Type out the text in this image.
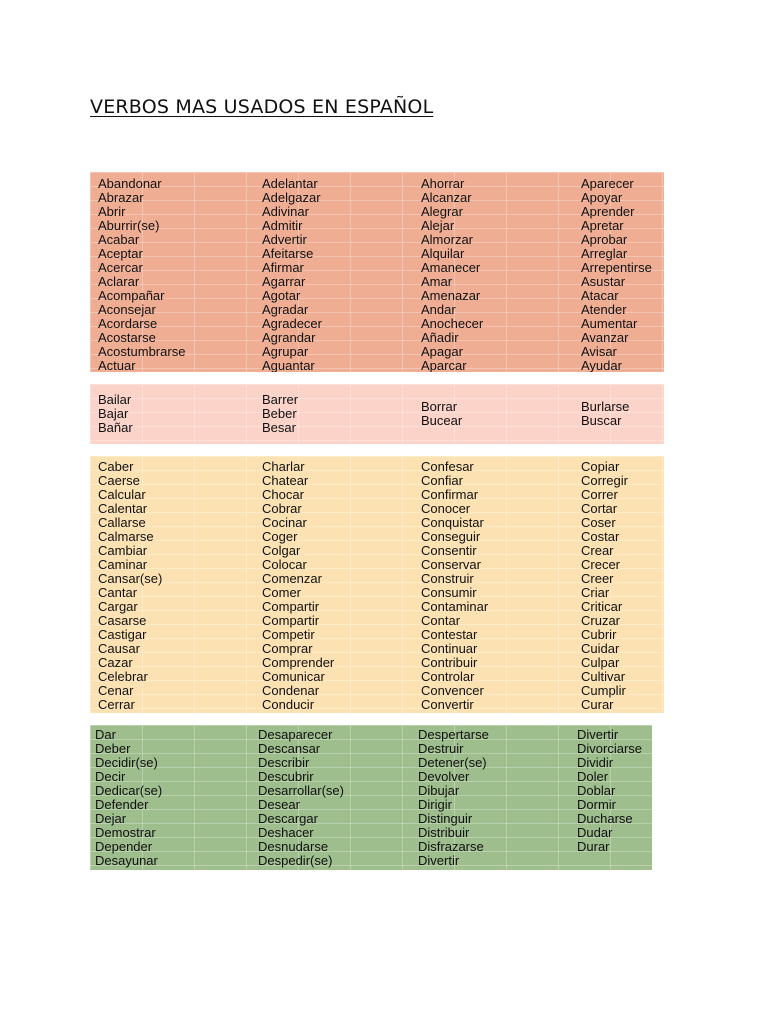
VERBOS MAS USADOS EN ESPAÑOL
Abandonar
Abrazar
Abrir
Aburrir(se)
Acabar
Aceptar
Acercar
Aclarar
Acompañar
Aconsejar
Acordarse
Acostarse
Acostumbrarse
Actuar
Adelantar
Adelgazar
Adivinar
Admitir
Advertir
Afeitarse
Afirmar
Agarrar
Agotar
Agradar
Agradecer
Agrandar
Agrupar
Aguantar
Ahorrar
Alcanzar
Alegrar
Alejar
Almorzar
Alquilar
Amanecer
Amar
Amenazar
Andar
Anochecer
Añadir
Apagar
Aparcar
Aparecer
Apoyar
Aprender
Apretar
Aprobar
Arreglar
Arrepentirse
Asustar
Atacar
Atender
Aumentar
Avanzar
Avisar
Ayudar
Bailar
Bajar
Bañar
Barrer
Beber
Besar
Borrar
Bucear
Burlarse
Buscar
Caber
Caerse
Calcular
Calentar
Callarse
Calmarse
Cambiar
Caminar
Cansar(se)
Cantar
Cargar
Casarse
Castigar
Causar
Cazar
Celebrar
Cenar
Cerrar
Charlar
Chatear
Chocar
Cobrar
Cocinar
Coger
Colgar
Colocar
Comenzar
Comer
Compartir
Compartir
Competir
Comprar
Comprender
Comunicar
Condenar
Conducir
Confesar
Confiar
Confirmar
Conocer
Conquistar
Conseguir
Consentir
Conservar
Construir
Consumir
Contaminar
Contar
Contestar
Continuar
Contribuir
Controlar
Convencer
Convertir
Copiar
Corregir
Correr
Cortar
Coser
Costar
Crear
Crecer
Creer
Criar
Criticar
Cruzar
Cubrir
Cuidar
Culpar
Cultivar
Cumplir
Curar
Dar
Deber
Decidir(se)
Decir
Dedicar(se)
Defender
Dejar
Demostrar
Depender
Desayunar
Desaparecer
Descansar
Describir
Descubrir
Desarrollar(se)
Desear
Descargar
Deshacer
Desnudarse
Despedir(se)
Despertarse
Destruir
Detener(se)
Devolver
Dibujar
Dirigir
Distinguir
Distribuir
Disfrazarse
Divertir
Divertir
Divorciarse
Dividir
Doler
Doblar
Dormir
Ducharse
Dudar
Durar
